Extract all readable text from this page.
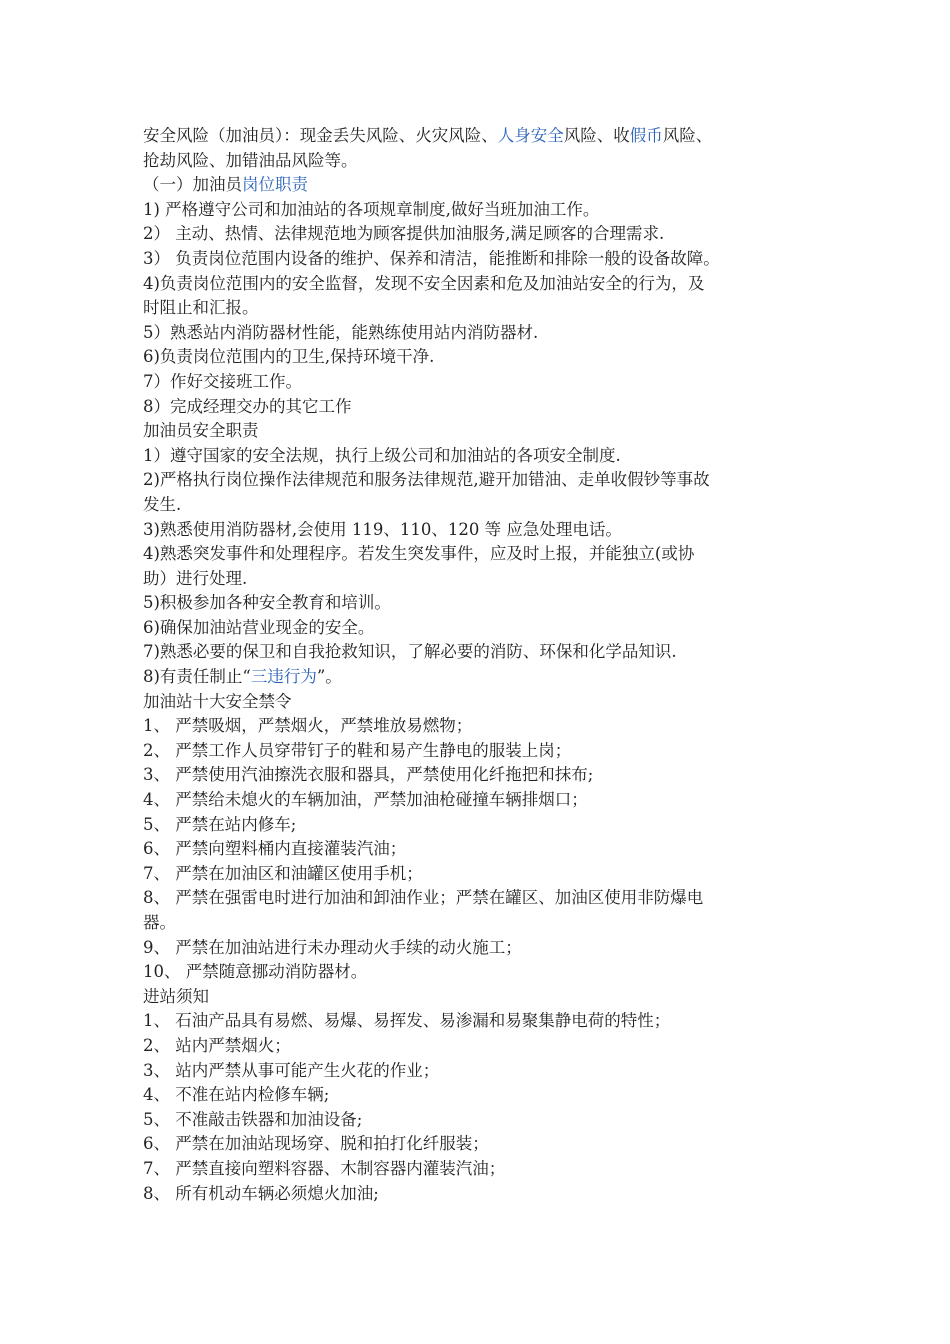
安全风险（加油员）：现金丢失风险、火灾风险、人身安全风险、收假币风险、

抢劫风险、加错油品风险等。

（一）加油员岗位职责

1) 严格遵守公司和加油站的各项规章制度,做好当班加油工作。

2） 主动、热情、法律规范地为顾客提供加油服务,满足顾客的合理需求.

3） 负责岗位范围内设备的维护、保养和清洁，能推断和排除一般的设备故障。

4)负责岗位范围内的安全监督，发现不安全因素和危及加油站安全的行为，及

时阻止和汇报。

5）熟悉站内消防器材性能，能熟练使用站内消防器材.

6)负责岗位范围内的卫生,保持环境干净.

7）作好交接班工作。

8）完成经理交办的其它工作

加油员安全职责

1）遵守国家的安全法规，执行上级公司和加油站的各项安全制度.

2)严格执行岗位操作法律规范和服务法律规范,避开加错油、走单收假钞等事故

发生.

3)熟悉使用消防器材,会使用 119、110、120 等 应急处理电话。

4)熟悉突发事件和处理程序。若发生突发事件，应及时上报，并能独立(或协

助）进行处理.

5)积极参加各种安全教育和培训。

6)确保加油站营业现金的安全。

7)熟悉必要的保卫和自我抢救知识，了解必要的消防、环保和化学品知识.

8)有责任制止“三违行为”。

加油站十大安全禁令

1、 严禁吸烟，严禁烟火，严禁堆放易燃物；

2、 严禁工作人员穿带钉子的鞋和易产生静电的服装上岗；

3、 严禁使用汽油擦洗衣服和器具，严禁使用化纤拖把和抹布;

4、 严禁给未熄火的车辆加油，严禁加油枪碰撞车辆排烟口；

5、 严禁在站内修车;

6、 严禁向塑料桶内直接灌装汽油；

7、 严禁在加油区和油罐区使用手机；

8、 严禁在强雷电时进行加油和卸油作业；严禁在罐区、加油区使用非防爆电

器。

9、 严禁在加油站进行未办理动火手续的动火施工；

10、 严禁随意挪动消防器材。

进站须知

1、 石油产品具有易燃、易爆、易挥发、易渗漏和易聚集静电荷的特性；

2、 站内严禁烟火；

3、 站内严禁从事可能产生火花的作业；

4、 不准在站内检修车辆;

5、 不准敲击铁器和加油设备;

6、 严禁在加油站现场穿、脱和拍打化纤服装；

7、 严禁直接向塑料容器、木制容器内灌装汽油；

8、 所有机动车辆必须熄火加油;
